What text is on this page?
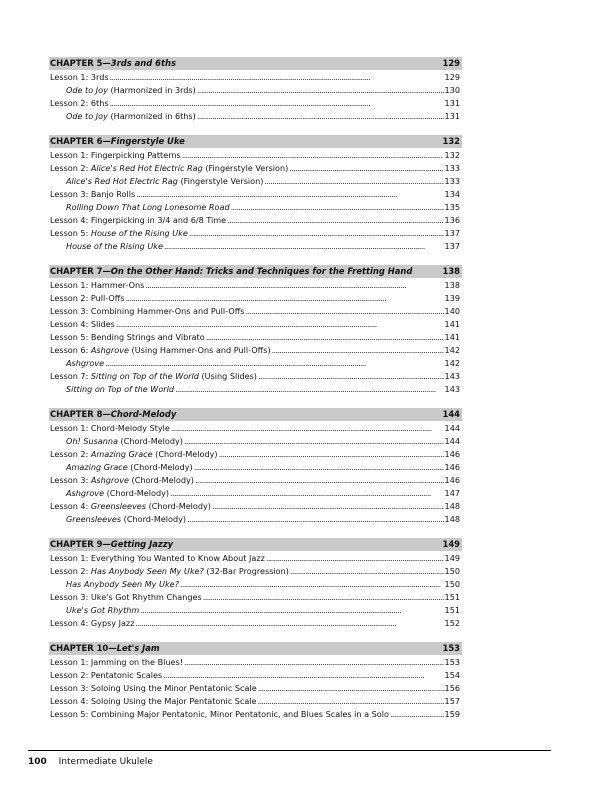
CHAPTER 5—3rds and 6ths	129
Lesson 1: 3rds . . .	129
Ode to Joy (Harmonized in 3rds) . . .	130
Lesson 2: 6ths . . .	131
Ode to Joy (Harmonized in 6ths) . . .	131
CHAPTER 6—Fingerstyle Uke	132
Lesson 1: Fingerpicking Patterns . . .	132
Lesson 2: Alice's Red Hot Electric Rag (Fingerstyle Version) . . .	133
Alice's Red Hot Electric Rag (Fingerstyle Version) . . .	133
Lesson 3: Banjo Rolls . . .	134
Rolling Down That Long Lonesome Road . . .	135
Lesson 4: Fingerpicking in 3/4 and 6/8 Time . . .	136
Lesson 5: House of the Rising Uke . . .	137
House of the Rising Uke . . .	137
CHAPTER 7—On the Other Hand: Tricks and Techniques for the Fretting Hand	138
Lesson 1: Hammer-Ons . . .	138
Lesson 2: Pull-Offs . . .	139
Lesson 3: Combining Hammer-Ons and Pull-Offs . . .	140
Lesson 4: Slides . . .	141
Lesson 5: Bending Strings and Vibrato . . .	141
Lesson 6: Ashgrove (Using Hammer-Ons and Pull-Offs) . . .	142
Ashgrove . . .	142
Lesson 7: Sitting on Top of the World (Using Slides) . . .	143
Sitting on Top of the World . . .	143
CHAPTER 8—Chord-Melody	144
Lesson 1: Chord-Melody Style . . .	144
Oh! Susanna (Chord-Melody) . . .	144
Lesson 2: Amazing Grace (Chord-Melody) . . .	146
Amazing Grace (Chord-Melody) . . .	146
Lesson 3: Ashgrove (Chord-Melody) . . .	146
Ashgrove (Chord-Melody) . . .	147
Lesson 4: Greensleeves (Chord-Melody) . . .	148
Greensleeves (Chord-Melody) . . .	148
CHAPTER 9—Getting Jazzy	149
Lesson 1: Everything You Wanted to Know About Jazz . . .	149
Lesson 2: Has Anybody Seen My Uke? (32-Bar Progression) . . .	150
Has Anybody Seen My Uke? . . .	150
Lesson 3: Uke's Got Rhythm Changes . . .	151
Uke's Got Rhythm . . .	151
Lesson 4: Gypsy Jazz . . .	152
CHAPTER 10—Let's Jam	153
Lesson 1: Jamming on the Blues! . . .	153
Lesson 2: Pentatonic Scales . . .	154
Lesson 3: Soloing Using the Minor Pentatonic Scale . . .	156
Lesson 4: Soloing Using the Major Pentatonic Scale . . .	157
Lesson 5: Combining Major Pentatonic, Minor Pentatonic, and Blues Scales in a Solo . . .	159
100 Intermediate Ukulele
